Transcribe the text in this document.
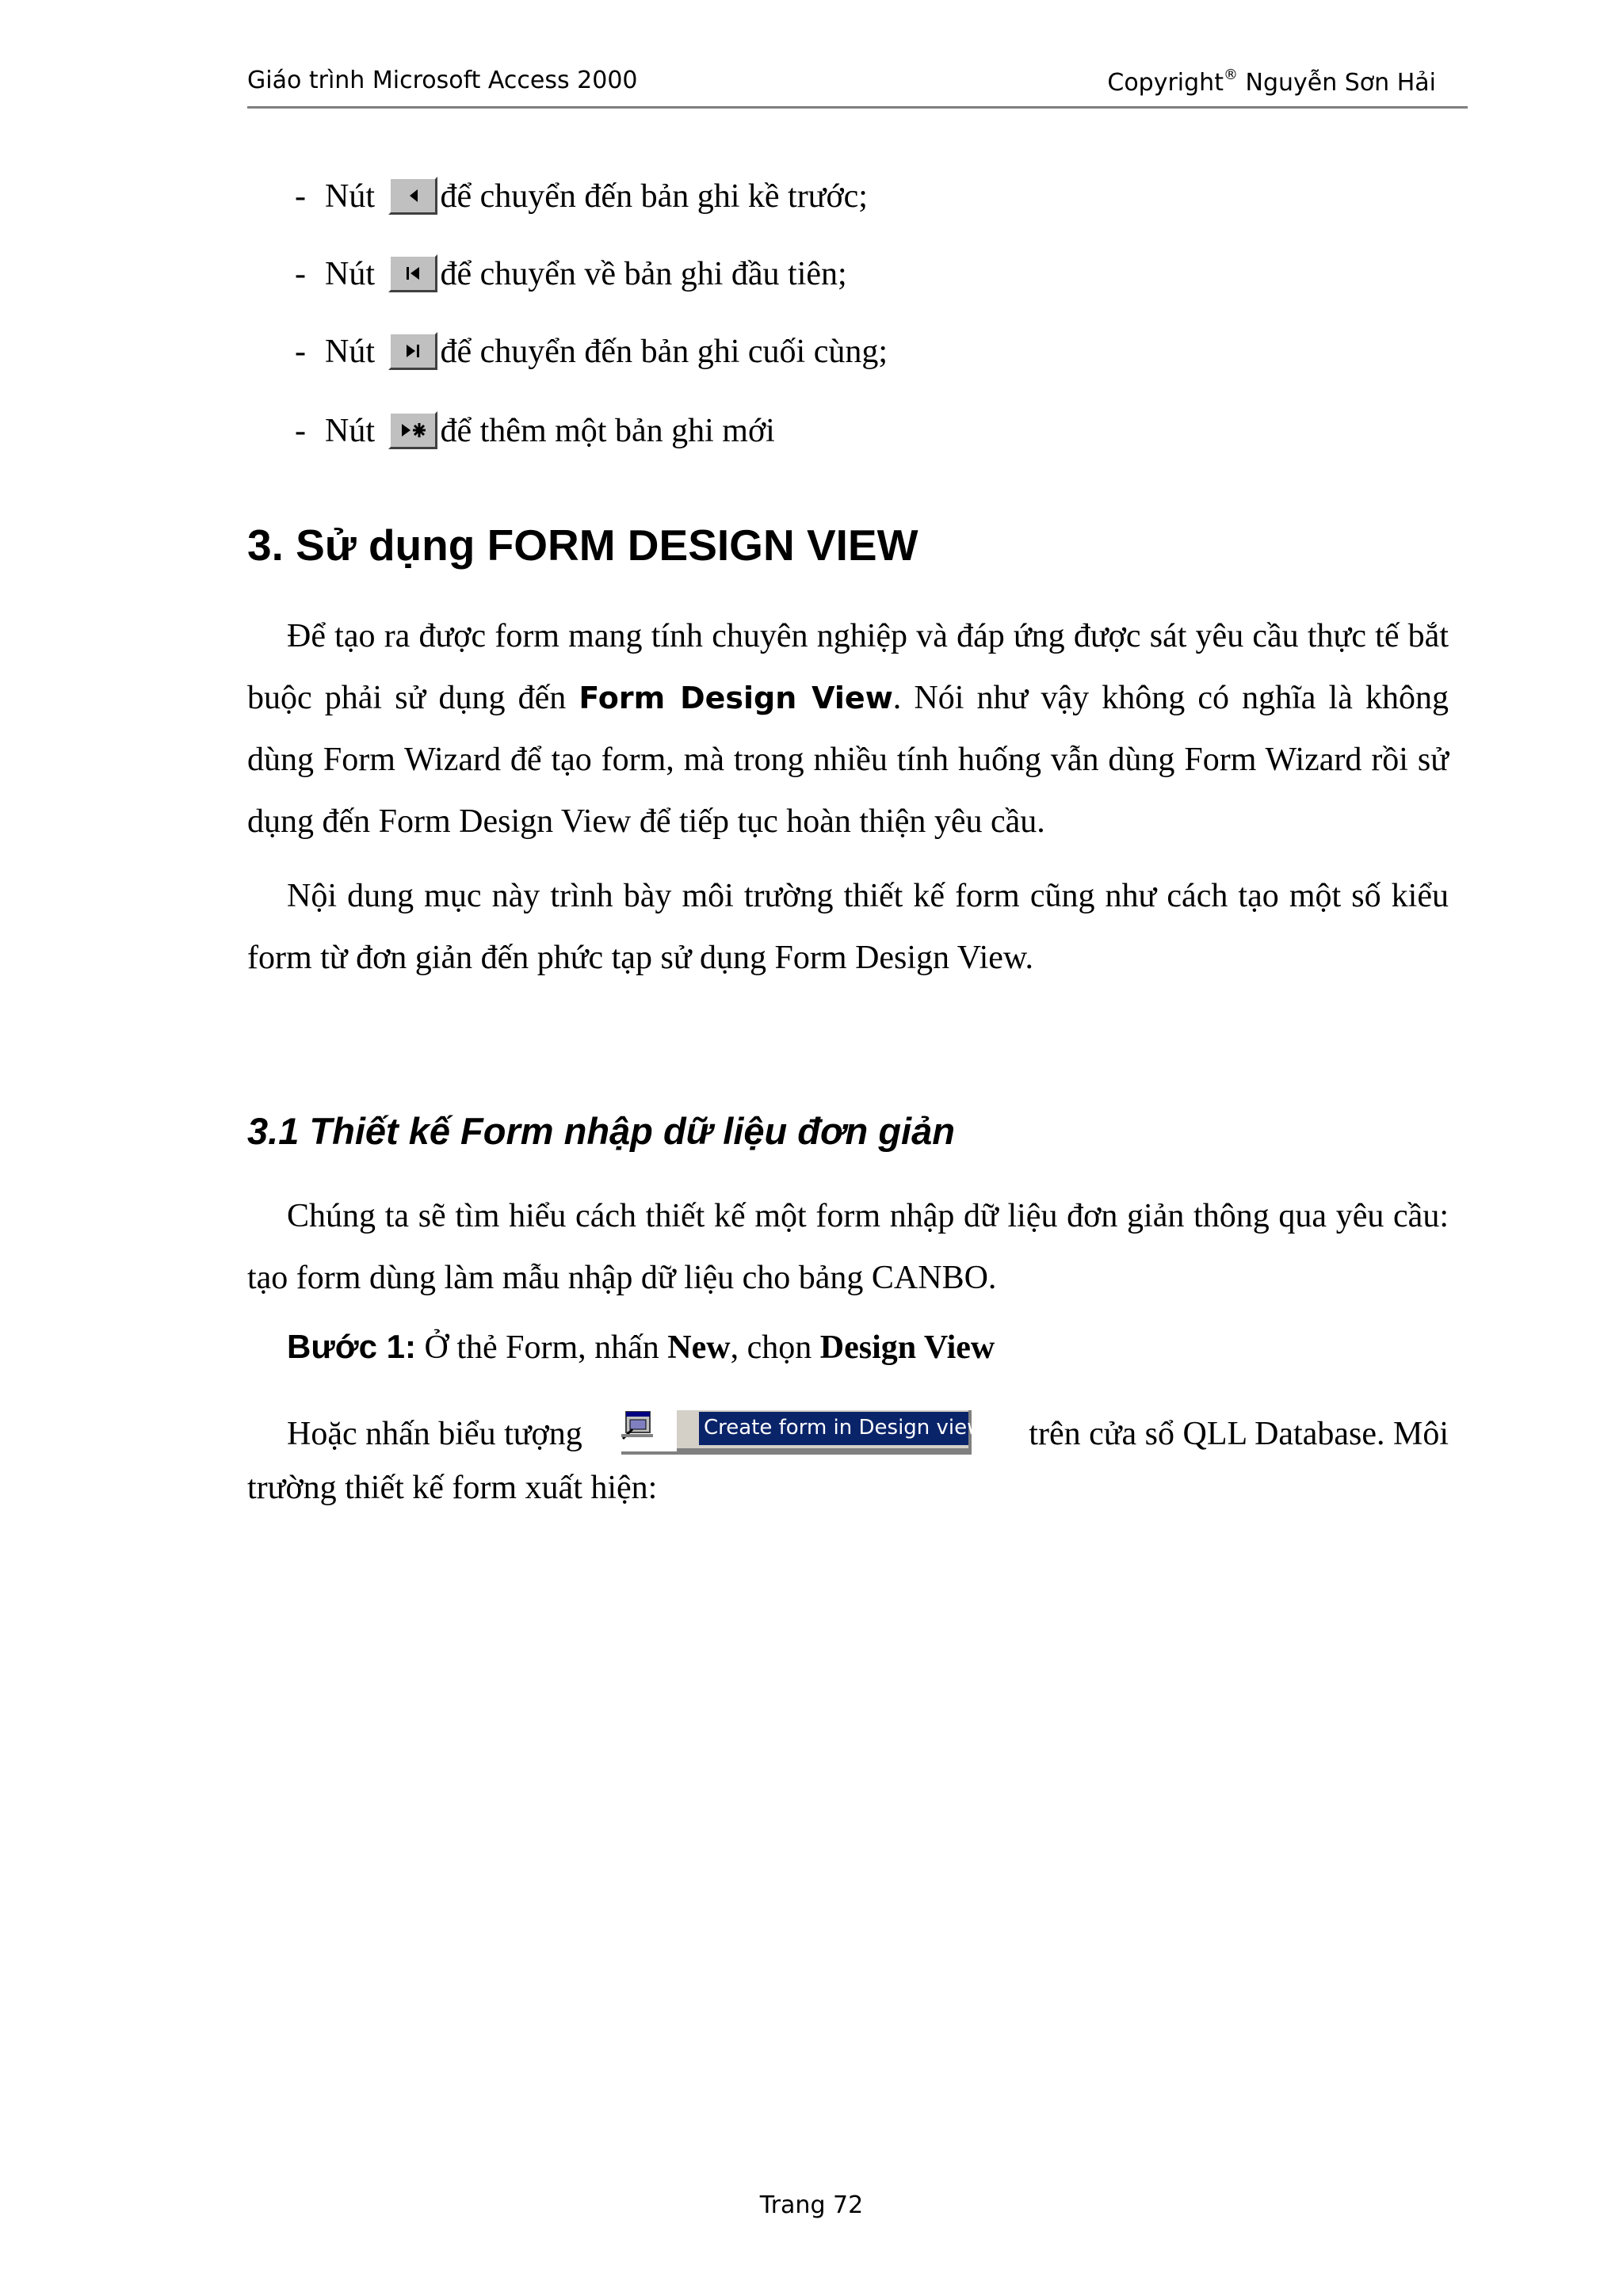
Giáo trình Microsoft Access 2000	Copyright® Nguyễn Sơn Hải
- Nút để chuyển đến bản ghi kề trước;
- Nút để chuyển về bản ghi đầu tiên;
- Nút để chuyển đến bản ghi cuối cùng;
- Nút để thêm một bản ghi mới
3. Sử dụng FORM DESIGN VIEW
Để tạo ra được form mang tính chuyên nghiệp và đáp ứng được sát yêu cầu thực tế bắt buộc phải sử dụng đến Form Design View. Nói như vậy không có nghĩa là không dùng Form Wizard để tạo form, mà trong nhiều tính huống vẫn dùng Form Wizard rồi sử dụng đến Form Design View để tiếp tục hoàn thiện yêu cầu.
Nội dung mục này trình bày môi trường thiết kế form cũng như cách tạo một số kiểu form từ đơn giản đến phức tạp sử dụng Form Design View.
3.1 Thiết kế Form nhập dữ liệu đơn giản
Chúng ta sẽ tìm hiểu cách thiết kế một form nhập dữ liệu đơn giản thông qua yêu cầu: tạo form dùng làm mẫu nhập dữ liệu cho bảng CANBO.
Bước 1: Ở thẻ Form, nhấn New, chọn Design View
Hoặc nhấn biểu tượng	Create form in Design view trên cửa sổ QLL Database. Môi
trường thiết kế form xuất hiện:
Trang 72
